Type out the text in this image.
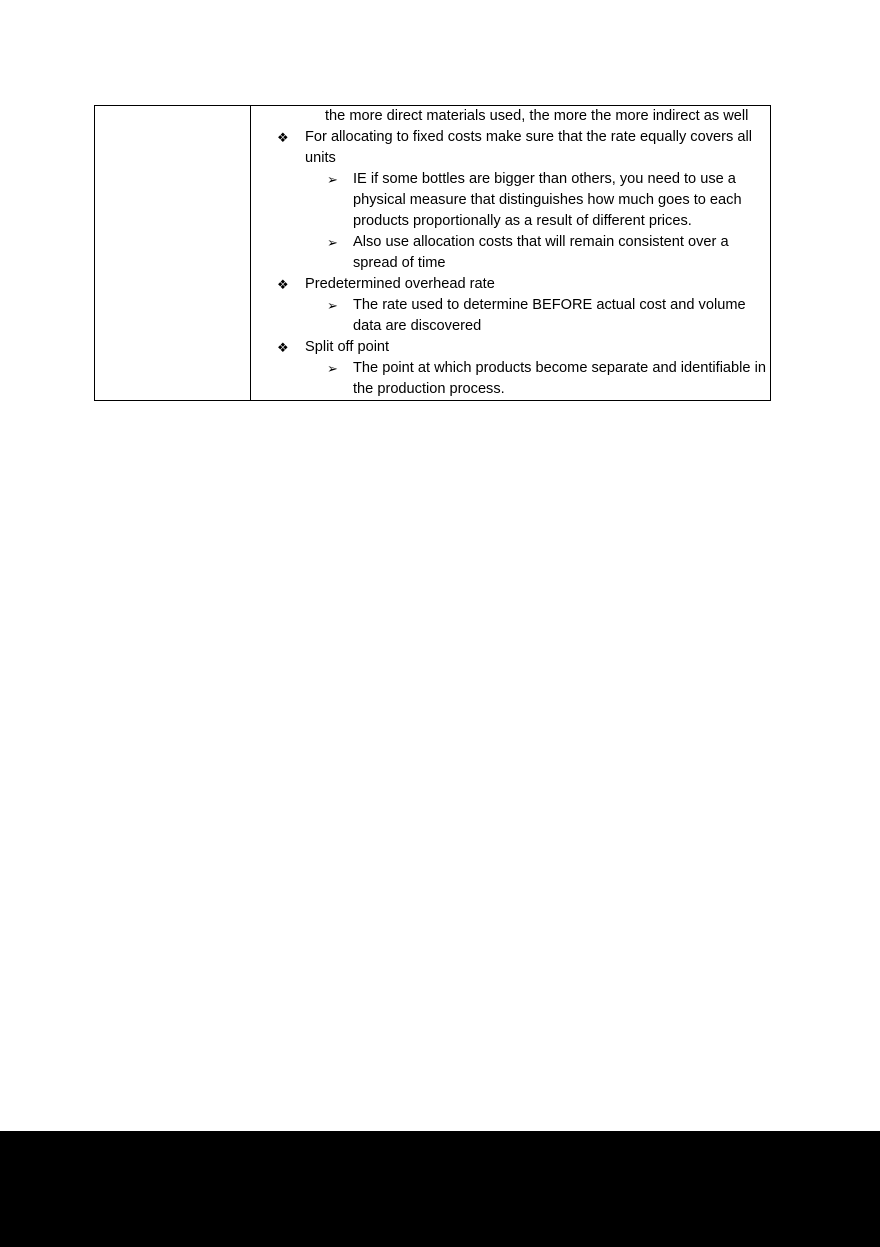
the more direct materials used, the more the more indirect as well
❖	For allocating to fixed costs make sure that the rate equally covers all units
➢	IE if some bottles are bigger than others, you need to use a physical measure that distinguishes how much goes to each products proportionally as a result of different prices.
➢	Also use allocation costs that will remain consistent over a spread of time
❖	Predetermined overhead rate
➢	The rate used to determine BEFORE actual cost and volume data are discovered
❖	Split off point
➢	The point at which products become separate and identifiable in the production process.
